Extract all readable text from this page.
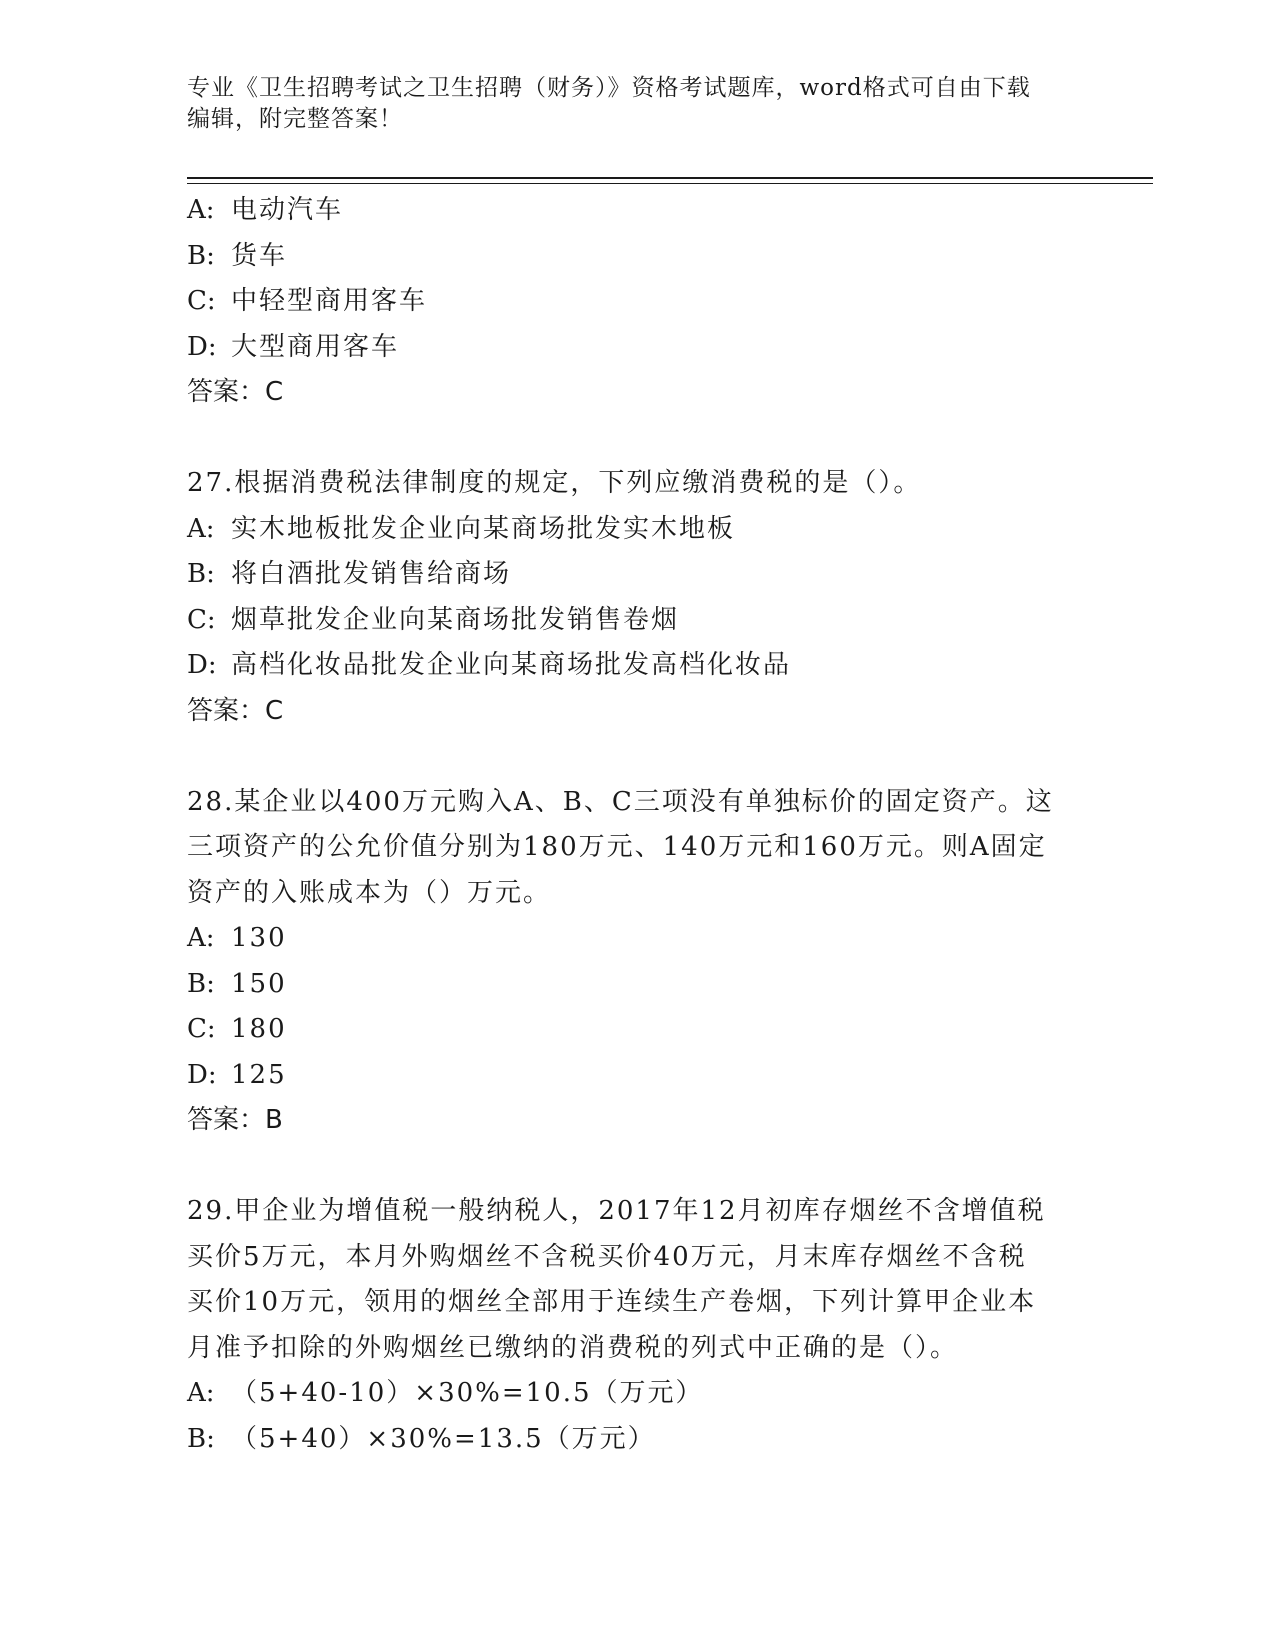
专业《卫生招聘考试之卫生招聘（财务）》资格考试题库，word格式可自由下载
编辑，附完整答案！
A: 电动汽车
B: 货车
C: 中轻型商用客车
D: 大型商用客车
答案：C
27.根据消费税法律制度的规定，下列应缴消费税的是（）。
A: 实木地板批发企业向某商场批发实木地板
B: 将白酒批发销售给商场
C: 烟草批发企业向某商场批发销售卷烟
D: 高档化妆品批发企业向某商场批发高档化妆品
答案：C
28.某企业以400万元购入A、B、C三项没有单独标价的固定资产。这
三项资产的公允价值分别为180万元、140万元和160万元。则A固定
资产的入账成本为（）万元。
A: 130
B: 150
C: 180
D: 125
答案：B
29.甲企业为增值税一般纳税人，2017年12月初库存烟丝不含增值税
买价5万元，本月外购烟丝不含税买价40万元，月末库存烟丝不含税
买价10万元，领用的烟丝全部用于连续生产卷烟，下列计算甲企业本
月准予扣除的外购烟丝已缴纳的消费税的列式中正确的是（）。
A: （5+40-10）×30%=10.5（万元）
B: （5+40）×30%=13.5（万元）
